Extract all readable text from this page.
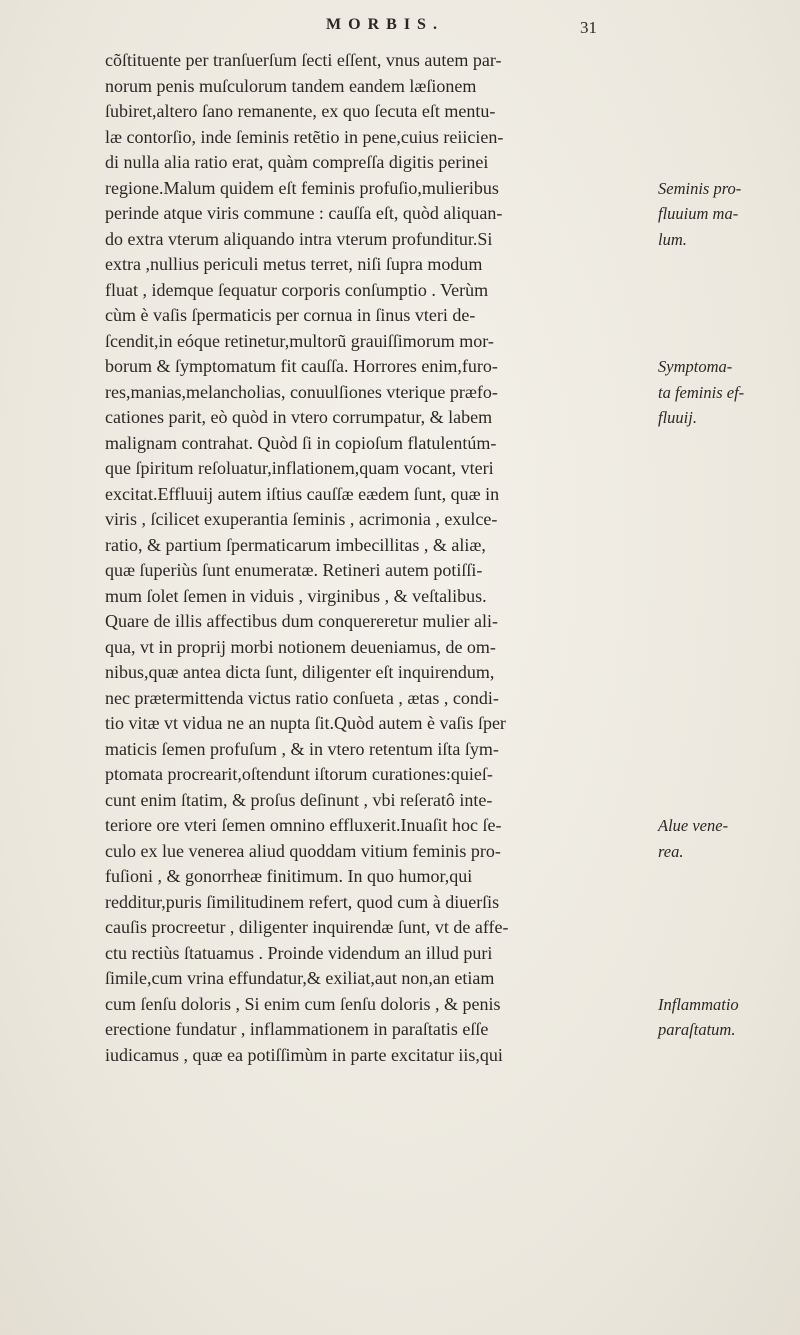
MORBIS.	31
cõſtituente per tranſuerſum ſecti eſſent, vnus autem par-
norum penis muſculorum tandem eandem læſionem
ſubiret,altero ſano remanente, ex quo ſecuta eſt mentu-
læ contorſio, inde ſeminis retẽtio in pene,cuius reiicien-
di nulla alia ratio erat, quàm compreſſa digitis perinei
regione.Malum quidem eſt feminis profuſio,mulieribus
perinde atque viris commune : cauſſa eſt, quòd aliquan-
do extra vterum aliquando intra vterum profunditur.Si
extra ,nullius periculi metus terret, niſi ſupra modum
fluat , idemque ſequatur corporis conſumptio . Verùm
cùm è vaſis ſpermaticis per cornua in ſinus vteri de-
ſcendit,in eóque retinetur,multorũ grauiſſimorum mor-
borum & ſymptomatum fit cauſſa. Horrores enim,furo-
res,manias,melancholias, conuulſiones vterique præfo-
cationes parit, eò quòd in vtero corrumpatur, & labem
malignam contrahat. Quòd ſi in copioſum flatulentúm-
que ſpiritum reſoluatur,inflationem,quam vocant, vteri
excitat.Effluuij autem iſtius cauſſæ eædem ſunt, quæ in
viris , ſcilicet exuperantia ſeminis , acrimonia , exulce-
ratio, & partium ſpermaticarum imbecillitas , & aliæ,
quæ ſuperiùs ſunt enumeratæ. Retineri autem potiſſi-
mum ſolet ſemen in viduis , virginibus , & veſtalibus.
Quare de illis affectibus dum conquereretur mulier ali-
qua, vt in proprij morbi notionem deueniamus, de om-
nibus,quæ antea dicta ſunt, diligenter eſt inquirendum,
nec prætermittenda victus ratio conſueta , ætas , condi-
tio vitæ vt vidua ne an nupta ſit.Quòd autem è vaſis ſper
maticis ſemen profuſum , & in vtero retentum iſta ſym-
ptomata procrearit,oſtendunt iſtorum curationes:quieſ-
cunt enim ſtatim, & proſus deſinunt , vbi reſeratô inte-
teriore ore vteri ſemen omnino effluxerit.Inuaſit hoc ſe-
culo ex lue venerea aliud quoddam vitium feminis pro-
fuſioni , & gonorrheæ finitimum. In quo humor,qui
redditur,puris ſimilitudinem refert, quod cum à diuerſis
cauſis procreetur , diligenter inquirendæ ſunt, vt de affe-
ctu rectiùs ſtatuamus . Proinde videndum an illud puri
ſimile,cum vrina effundatur,& exiliat,aut non,an etiam
cum ſenſu doloris , Si enim cum ſenſu doloris , & penis
erectione fundatur , inflammationem in paraſtatis eſſe
iudicamus , quæ ea potiſſimùm in parte excitatur iis,qui
Seminis pro-
fluuium ma-
lum.
Symptoma-
ta feminis ef-
fluuij.
Alue vene-
rea.
Inflammatio
paraſtatum.
